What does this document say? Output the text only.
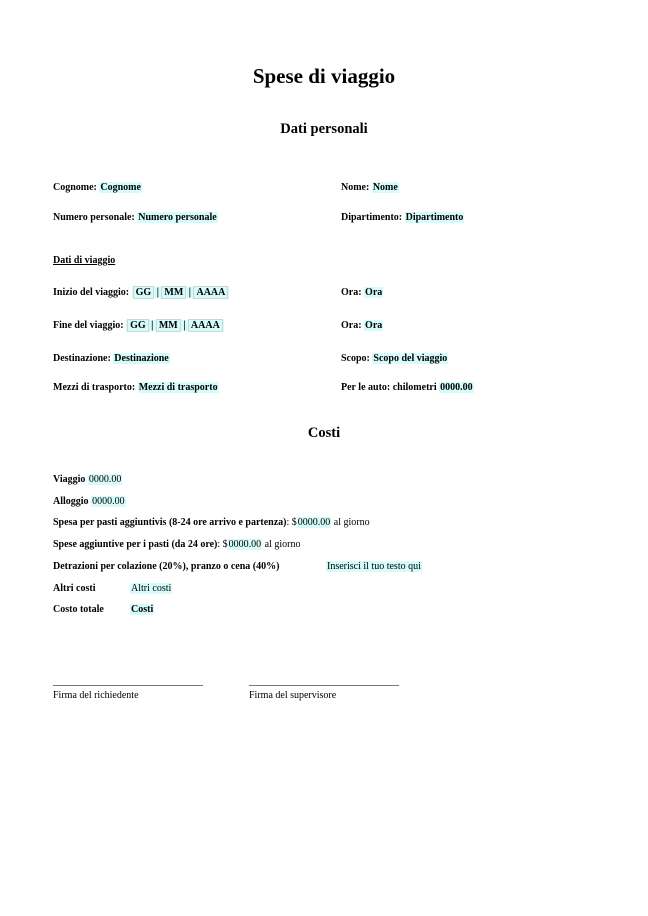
Spese di viaggio
Dati personali
Cognome: Cognome	Nome: Nome
Numero personale: Numero personale	Dipartimento: Dipartimento
Dati di viaggio
Inizio del viaggio: GG | MM | AAAA	Ora: Ora
Fine del viaggio: GG | MM | AAAA	Ora: Ora
Destinazione: Destinazione	Scopo: Scopo del viaggio
Mezzi di trasporto: Mezzi di trasporto	Per le auto: chilometri 0000.00
Costi
Viaggio 0000.00
Alloggio 0000.00
Spesa per pasti aggiuntivis (8-24 ore arrivo e partenza): $0000.00 al giorno
Spese aggiuntive per i pasti (da 24 ore): $0000.00 al giorno
Detrazioni per colazione (20%), pranzo o cena (40%)	Inserisci il tuo testo qui
Altri costi	Altri costi
Costo totale	Costi
______________________________
Firma del richiedente
______________________________
Firma del supervisore
